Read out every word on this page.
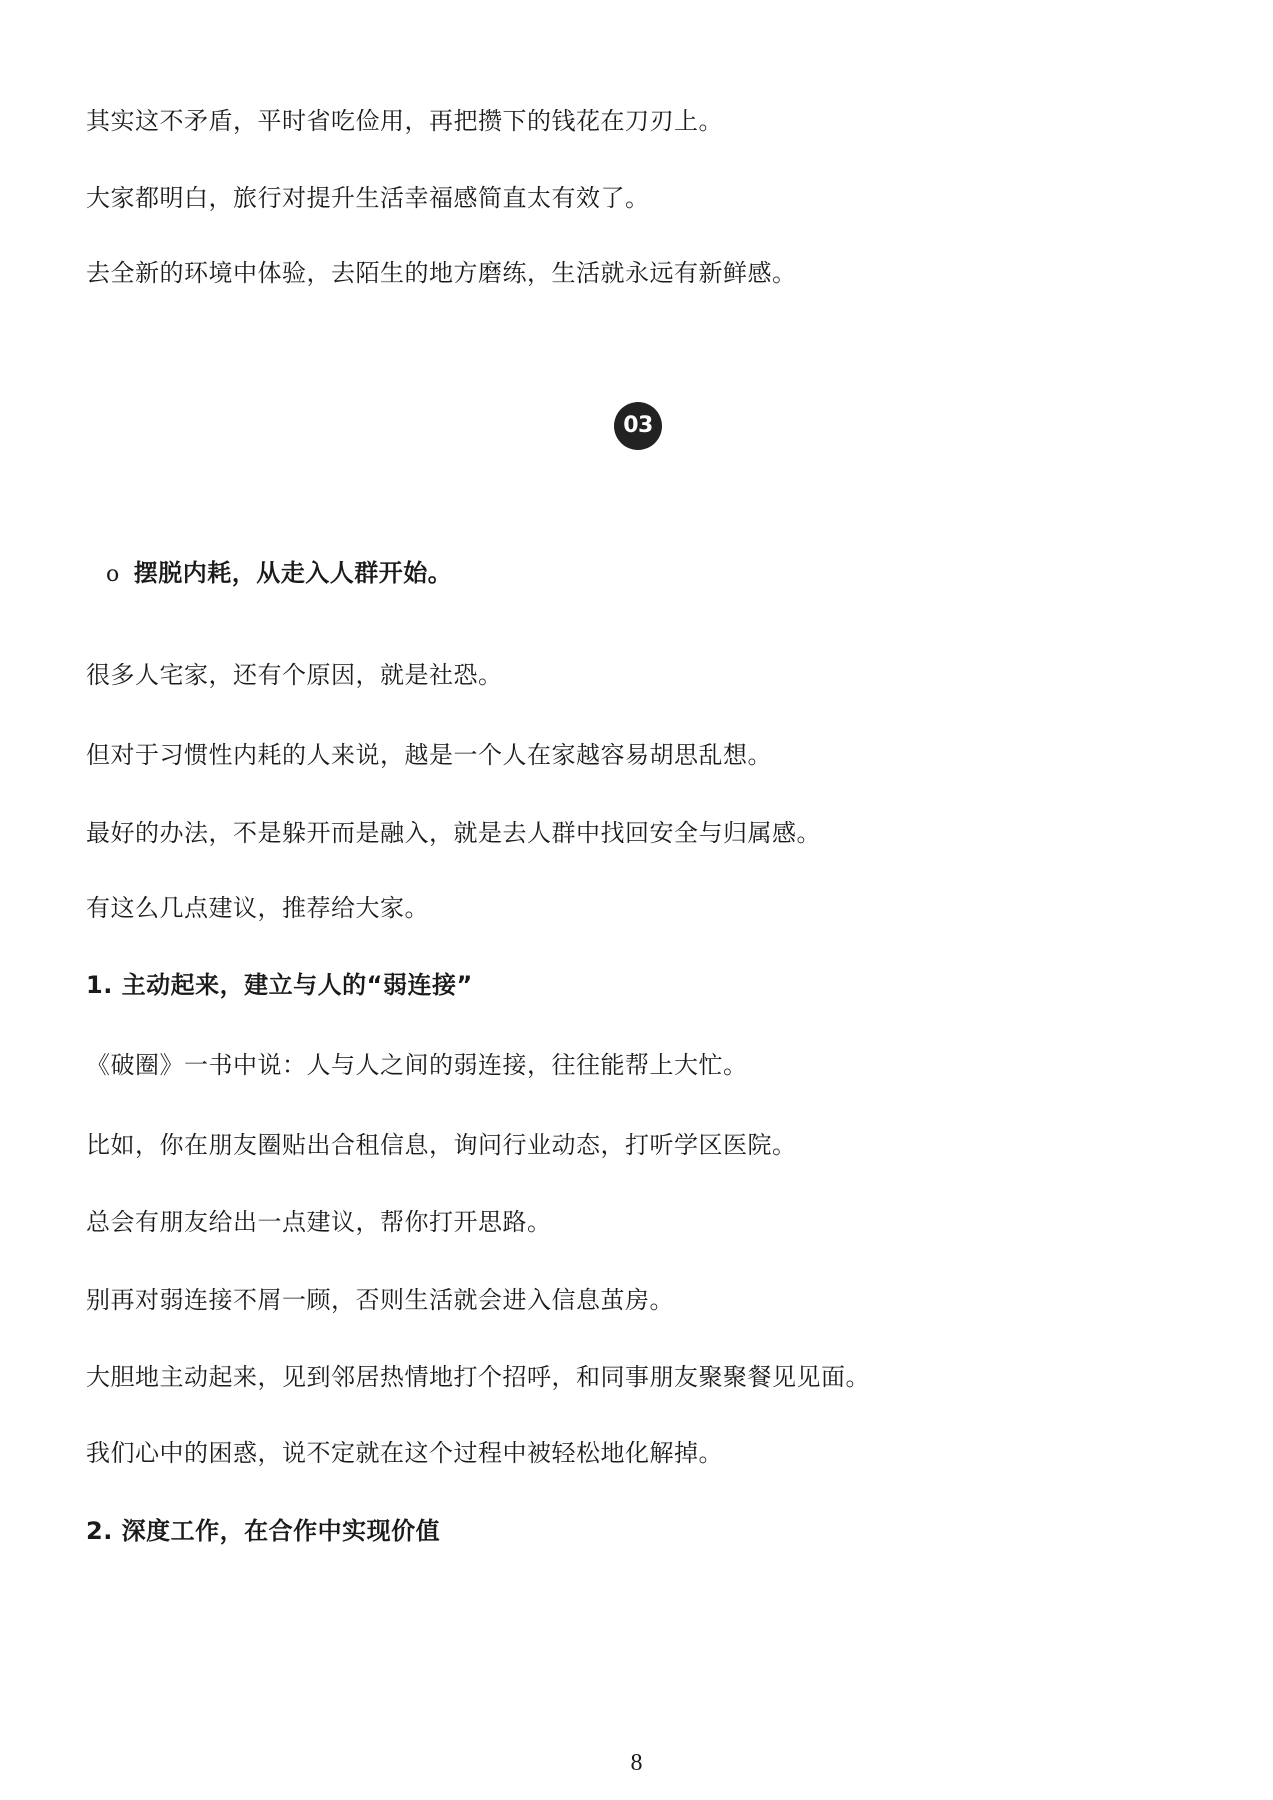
其实这不矛盾，平时省吃俭用，再把攒下的钱花在刀刃上。
大家都明白，旅行对提升生活幸福感简直太有效了。
去全新的环境中体验，去陌生的地方磨练，生活就永远有新鲜感。
03
o 摆脱内耗，从走入人群开始。
很多人宅家，还有个原因，就是社恐。
但对于习惯性内耗的人来说，越是一个人在家越容易胡思乱想。
最好的办法，不是躲开而是融入，就是去人群中找回安全与归属感。
有这么几点建议，推荐给大家。
1. 主动起来，建立与人的“弱连接”
《破圈》一书中说：人与人之间的弱连接，往往能帮上大忙。
比如，你在朋友圈贴出合租信息，询问行业动态，打听学区医院。
总会有朋友给出一点建议，帮你打开思路。
别再对弱连接不屑一顾，否则生活就会进入信息茧房。
大胆地主动起来，见到邻居热情地打个招呼，和同事朋友聚聚餐见见面。
我们心中的困惑，说不定就在这个过程中被轻松地化解掉。
2. 深度工作，在合作中实现价值
8
